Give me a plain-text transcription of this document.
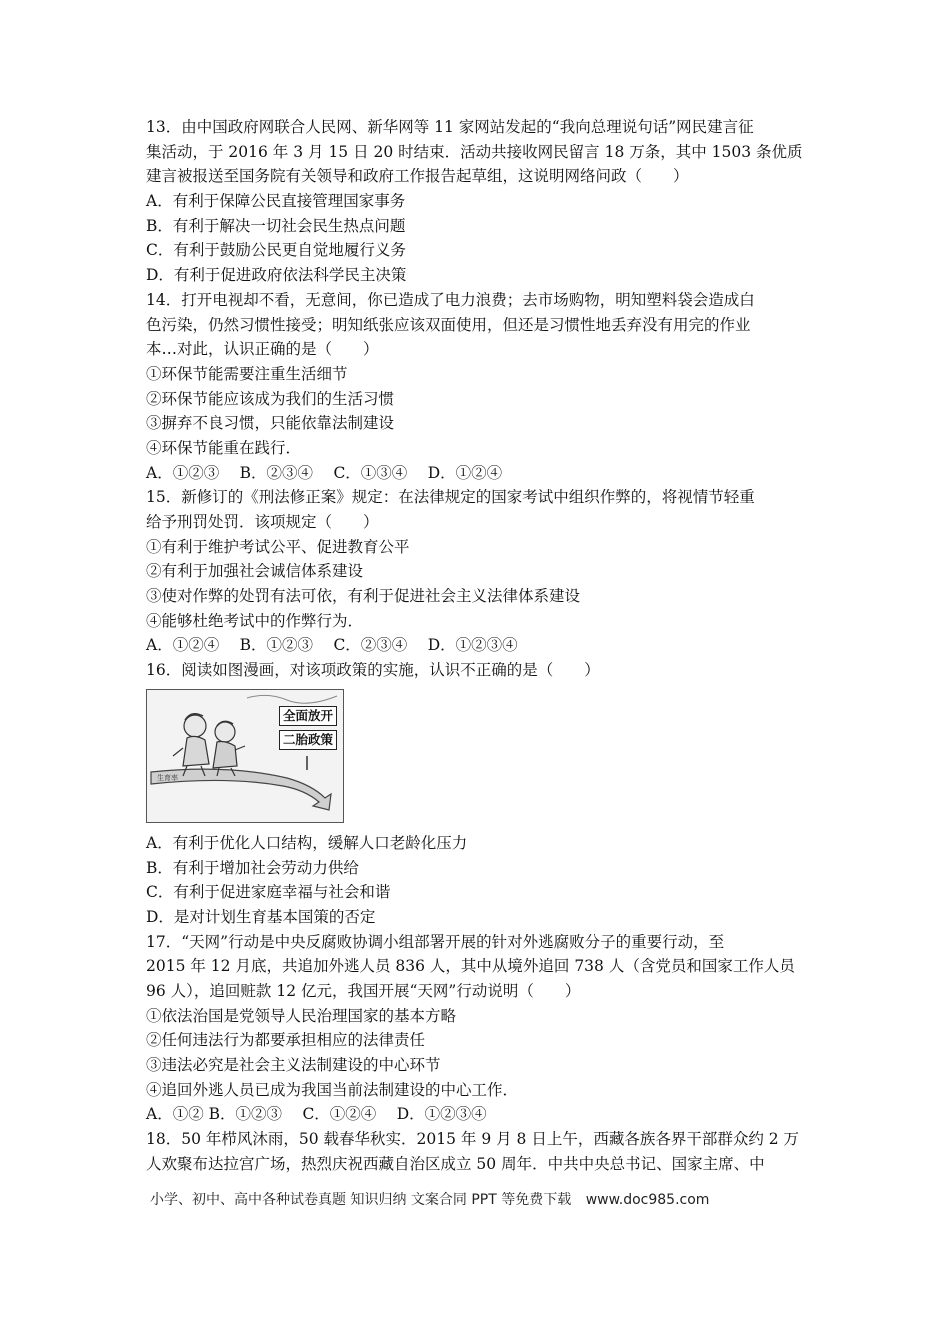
13．由中国政府网联合人民网、新华网等 11 家网站发起的“我向总理说句话”网民建言征
集活动，于 2016 年 3 月 15 日 20 时结束．活动共接收网民留言 18 万条，其中 1503 条优质
建言被报送至国务院有关领导和政府工作报告起草组，这说明网络问政（　　）
A．有利于保障公民直接管理国家事务
B．有利于解决一切社会民生热点问题
C．有利于鼓励公民更自觉地履行义务
D．有利于促进政府依法科学民主决策
14．打开电视却不看，无意间，你已造成了电力浪费；去市场购物，明知塑料袋会造成白
色污染，仍然习惯性接受；明知纸张应该双面使用，但还是习惯性地丢弃没有用完的作业
本…对此，认识正确的是（　　）
①环保节能需要注重生活细节
②环保节能应该成为我们的生活习惯
③摒弃不良习惯，只能依靠法制建设
④环保节能重在践行．
A．①②③　 B．②③④　 C．①③④　 D．①②④
15．新修订的《刑法修正案》规定：在法律规定的国家考试中组织作弊的，将视情节轻重
给予刑罚处罚．该项规定（　　）
①有利于维护考试公平、促进教育公平
②有利于加强社会诚信体系建设
③使对作弊的处罚有法可依，有利于促进社会主义法律体系建设
④能够杜绝考试中的作弊行为．
A．①②④　 B．①②③　 C．②③④　 D．①②③④
16．阅读如图漫画，对该项政策的实施，认识不正确的是（　　）
生育率
全面放开
二胎政策
A．有利于优化人口结构，缓解人口老龄化压力
B．有利于增加社会劳动力供给
C．有利于促进家庭幸福与社会和谐
D．是对计划生育基本国策的否定
17．“天网”行动是中央反腐败协调小组部署开展的针对外逃腐败分子的重要行动，至
2015 年 12 月底，共追加外逃人员 836 人，其中从境外追回 738 人（含党员和国家工作人员
96 人），追回赃款 12 亿元，我国开展“天网”行动说明（　　）
①依法治国是党领导人民治理国家的基本方略
②任何违法行为都要承担相应的法律责任
③违法必究是社会主义法制建设的中心环节
④追回外逃人员已成为我国当前法制建设的中心工作．
A．①② B．①②③　 C．①②④　 D．①②③④
18．50 年栉风沐雨，50 载春华秋实．2015 年 9 月 8 日上午，西藏各族各界干部群众约 2 万
人欢聚布达拉宫广场，热烈庆祝西藏自治区成立 50 周年．中共中央总书记、国家主席、中
小学、初中、高中各种试卷真题 知识归纳 文案合同 PPT 等免费下载 www.doc985.com
